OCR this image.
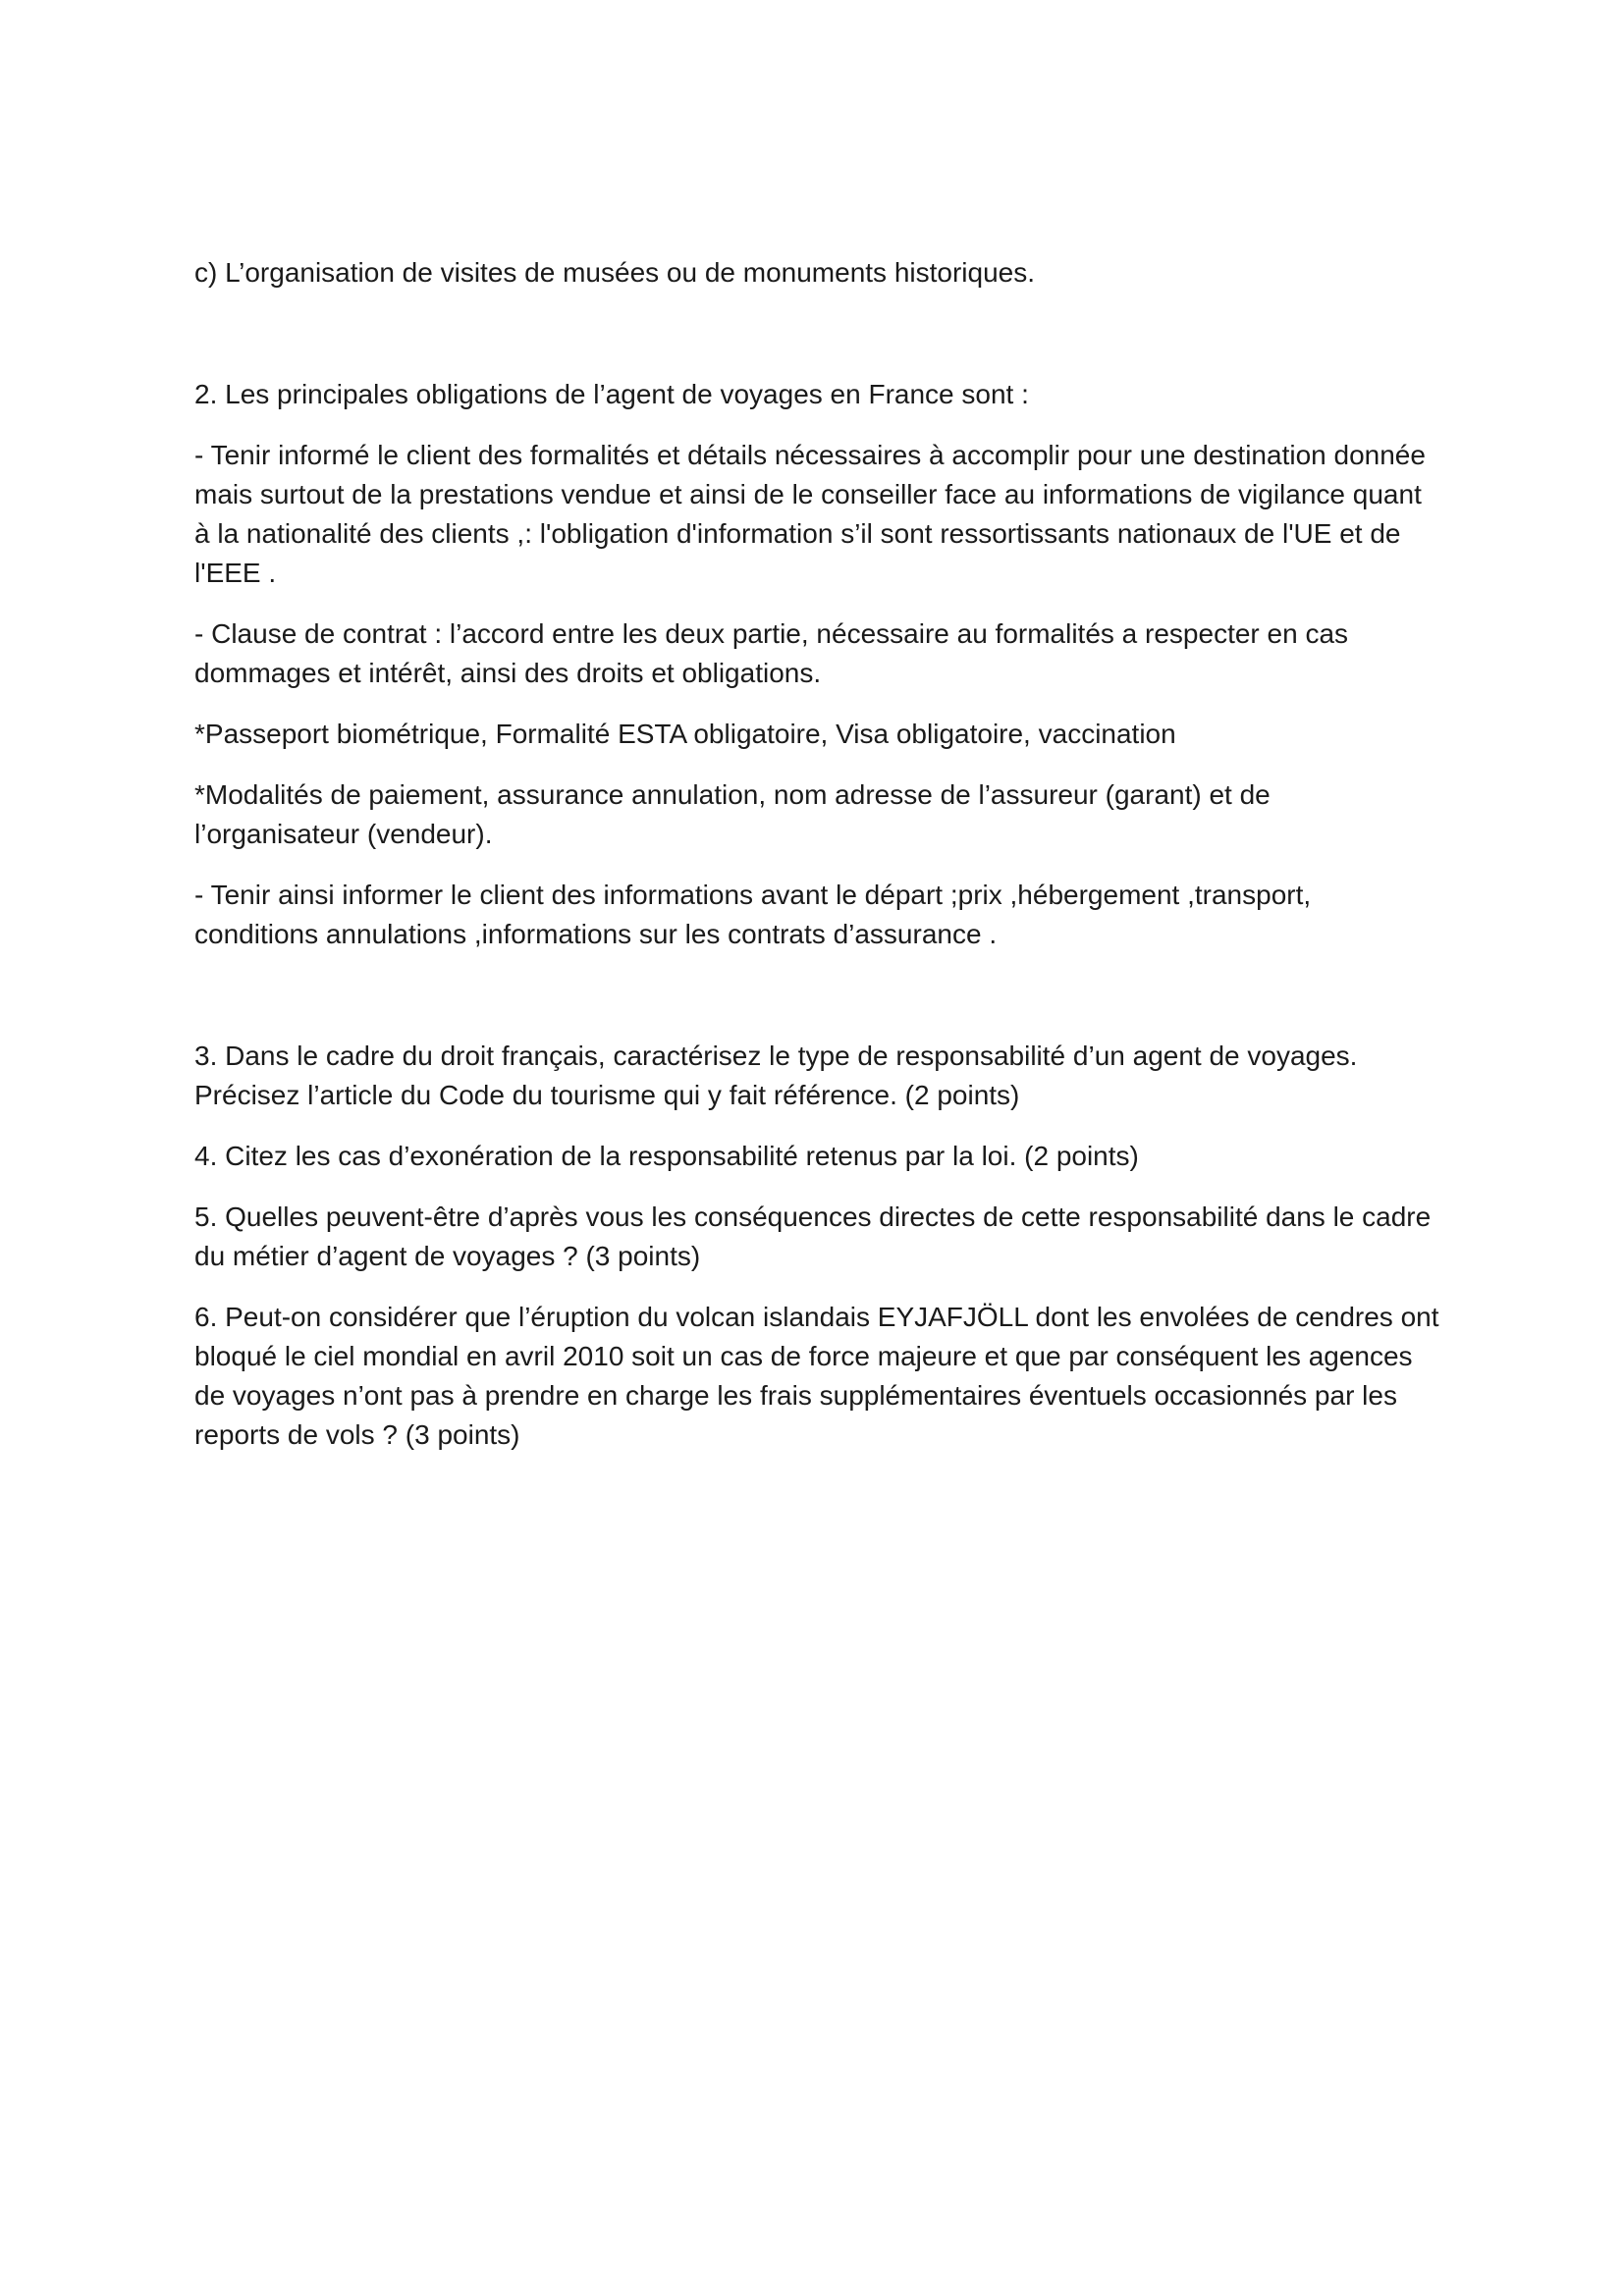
c) L’organisation de visites de musées ou de monuments historiques.

2. Les principales obligations de l’agent de voyages en France sont :

- Tenir informé le client des formalités et détails nécessaires à accomplir pour une destination donnée
mais surtout de la prestations vendue et ainsi de le conseiller face au informations de vigilance quant
à la nationalité des clients ,: l'obligation d'information s’il sont ressortissants nationaux de l'UE et de
l'EEE .

- Clause de contrat : l’accord entre les deux partie, nécessaire au formalités a respecter en cas
dommages et intérêt, ainsi des droits et obligations.

*Passeport biométrique, Formalité ESTA obligatoire, Visa obligatoire, vaccination

*Modalités de paiement, assurance annulation, nom adresse de l’assureur (garant) et de
l’organisateur (vendeur).

- Tenir ainsi informer le client des informations avant le départ ;prix ,hébergement ,transport,
conditions annulations ,informations sur les contrats d’assurance .

3. Dans le cadre du droit français, caractérisez le type de responsabilité d’un agent de voyages.
Précisez l’article du Code du tourisme qui y fait référence. (2 points)

4. Citez les cas d’exonération de la responsabilité retenus par la loi. (2 points)

5. Quelles peuvent-être d’après vous les conséquences directes de cette responsabilité dans le cadre
du métier d’agent de voyages ? (3 points)

6. Peut-on considérer que l’éruption du volcan islandais EYJAFJÖLL dont les envolées de cendres ont
bloqué le ciel mondial en avril 2010 soit un cas de force majeure et que par conséquent les agences
de voyages n’ont pas à prendre en charge les frais supplémentaires éventuels occasionnés par les
reports de vols ? (3 points)
